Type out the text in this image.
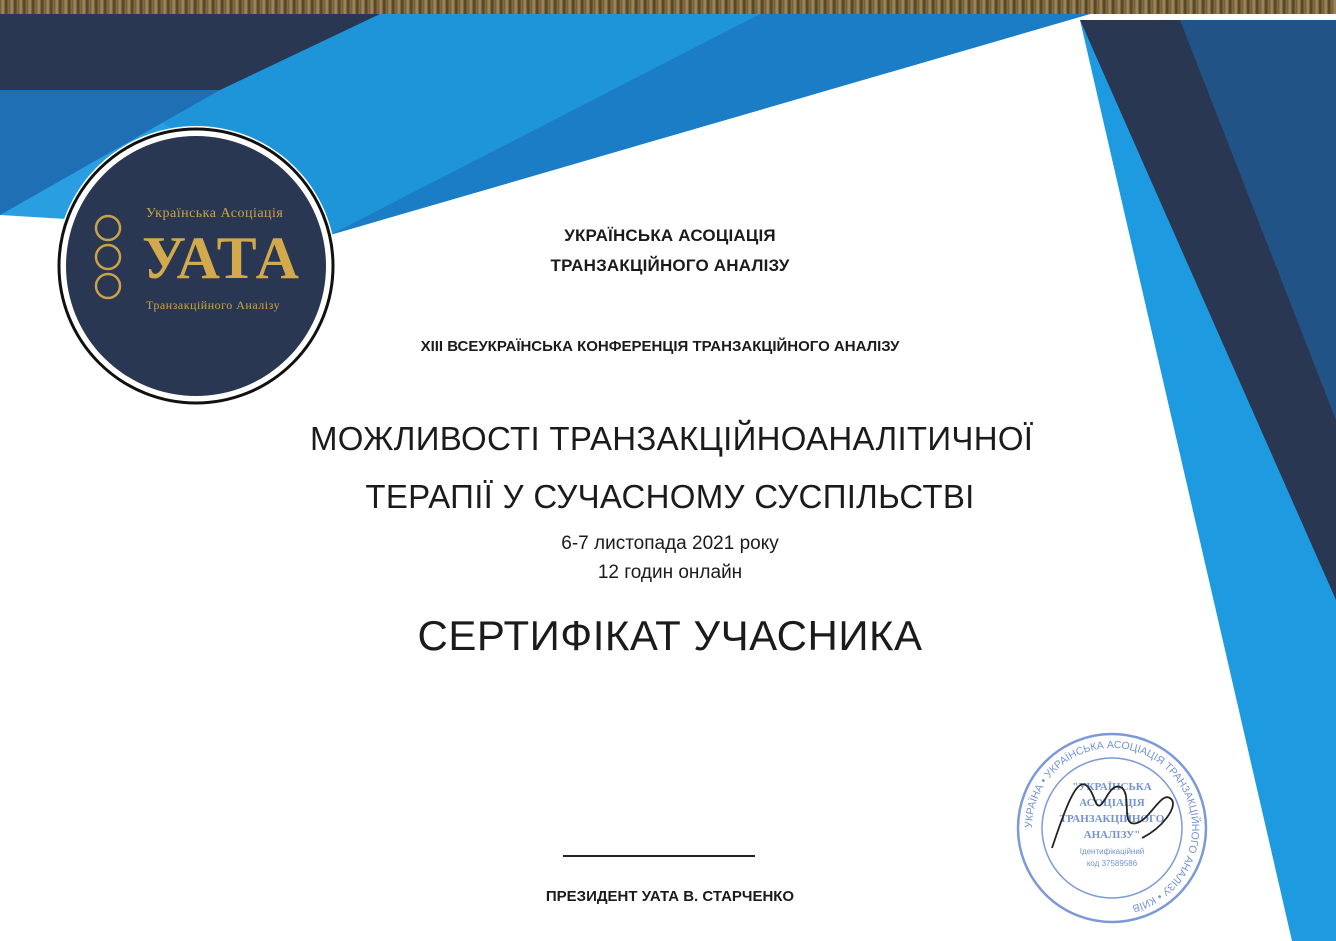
Українська Асоціація
УАТА
Транзакційного Аналізу
УКРАЇНСЬКА АСОЦІАЦІЯ
ТРАНЗАКЦІЙНОГО АНАЛІЗУ
XIII ВСЕУКРАЇНСЬКА КОНФЕРЕНЦІЯ ТРАНЗАКЦІЙНОГО АНАЛІЗУ
МОЖЛИВОСТІ ТРАНЗАКЦІЙНОАНАЛІТИЧНОЇ
ТЕРАПІЇ У СУЧАСНОМУ СУСПІЛЬСТВІ
6-7 листопада 2021 року
12 годин онлайн
СЕРТИФІКАТ УЧАСНИКА
ПРЕЗИДЕНТ УАТА В. СТАРЧЕНКО
УКРАЇНА • УКРАЇНСЬКА АСОЦІАЦІЯ ТРАНЗАКЦІЙНОГО АНАЛІЗУ • КИЇВ
"УКРАЇНСЬКА
АСОЦІАЦІЯ
ТРАНЗАКЦІЙНОГО
АНАЛІЗУ"
Ідентифікаційний
код 37589586
